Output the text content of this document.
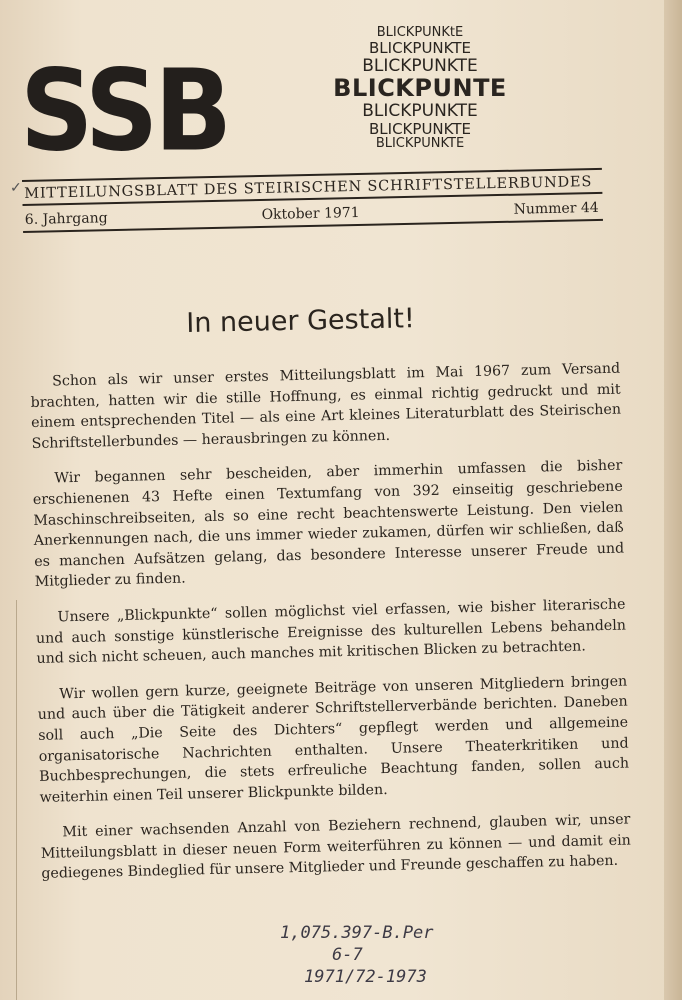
SSB
✓
BLICKPUNKtE
BLICKPUNKTE
BLICKPUNKTE
BLICKPUNTE
BLICKPUNKTE
BLICKPUNKTE
BLICKPUNKTE
MITTEILUNGSBLATT DES STEIRISCHEN SCHRIFTSTELLERBUNDES
6. Jahrgang	Oktober 1971	Nummer 44
In neuer Gestalt!

Schon als wir unser erstes Mitteilungsblatt im Mai 1967 zum Versand brachten, hatten wir die stille Hoffnung, es einmal richtig gedruckt und mit einem entsprechenden Titel — als eine Art kleines Literaturblatt des Steirischen Schriftstellerbundes — herausbringen zu können.

Wir begannen sehr bescheiden, aber immerhin umfassen die bisher erschienenen 43 Hefte einen Textumfang von 392 einseitig geschriebene Maschinschreibseiten, als so eine recht beachtenswerte Leistung. Den vielen Anerkennungen nach, die uns immer wieder zukamen, dürfen wir schließen, daß es manchen Aufsätzen gelang, das besondere Interesse unserer Freude und Mitglieder zu finden.

Unsere „Blickpunkte“ sollen möglichst viel erfassen, wie bisher literarische und auch sonstige künstlerische Ereignisse des kulturellen Lebens behandeln und sich nicht scheuen, auch manches mit kritischen Blicken zu betrachten.

Wir wollen gern kurze, geeignete Beiträge von unseren Mitgliedern bringen und auch über die Tätigkeit anderer Schriftstellerverbände berichten. Daneben soll auch „Die Seite des Dichters“ gepflegt werden und allgemeine organisatorische Nachrichten enthalten. Unsere Theaterkritiken und Buchbesprechungen, die stets erfreuliche Beachtung fanden, sollen auch weiterhin einen Teil unserer Blickpunkte bilden.

Mit einer wachsenden Anzahl von Beziehern rechnend, glauben wir, unser Mitteilungsblatt in dieser neuen Form weiterführen zu können — und damit ein gediegenes Bindeglied für unsere Mitglieder und Freunde geschaffen zu haben.

1,075.397-B.Per
6-7
1971/72-1973
